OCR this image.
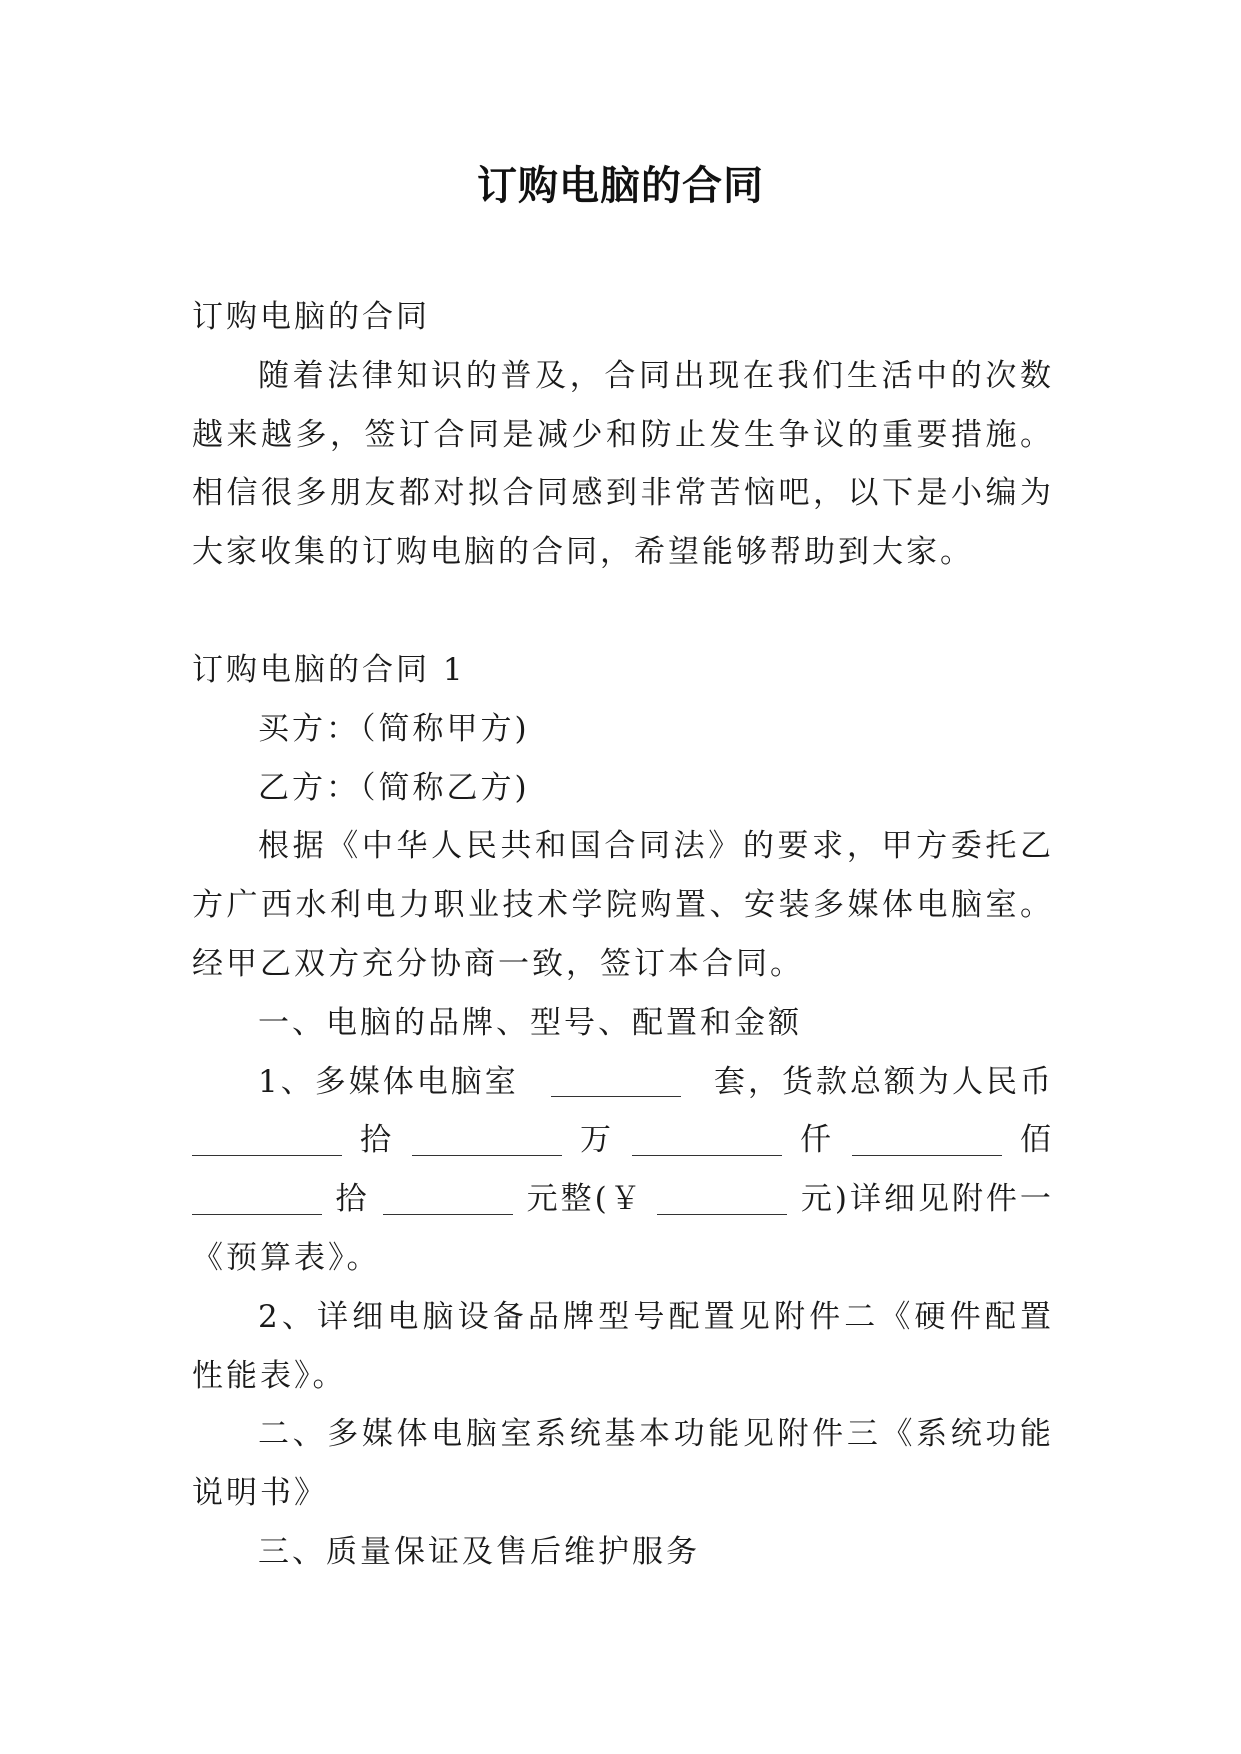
订购电脑的合同

订购电脑的合同

随着法律知识的普及，合同出现在我们生活中的次数越来越多，签订合同是减少和防止发生争议的重要措施。相信很多朋友都对拟合同感到非常苦恼吧，以下是小编为大家收集的订购电脑的合同，希望能够帮助到大家。

订购电脑的合同 1

买方：（简称甲方)

乙方：（简称乙方)

根据《中华人民共和国合同法》的要求，甲方委托乙方广西水利电力职业技术学院购置、安装多媒体电脑室。经甲乙双方充分协商一致，签订本合同。

一、电脑的品牌、型号、配置和金额

1、多媒体电脑室	套，货款总额为人民币
拾	万	仟	佰
拾	元整(￥	元)详细见附件一

《预算表》。

2、详细电脑设备品牌型号配置见附件二《硬件配置性能表》。

二、多媒体电脑室系统基本功能见附件三《系统功能说明书》

三、质量保证及售后维护服务
